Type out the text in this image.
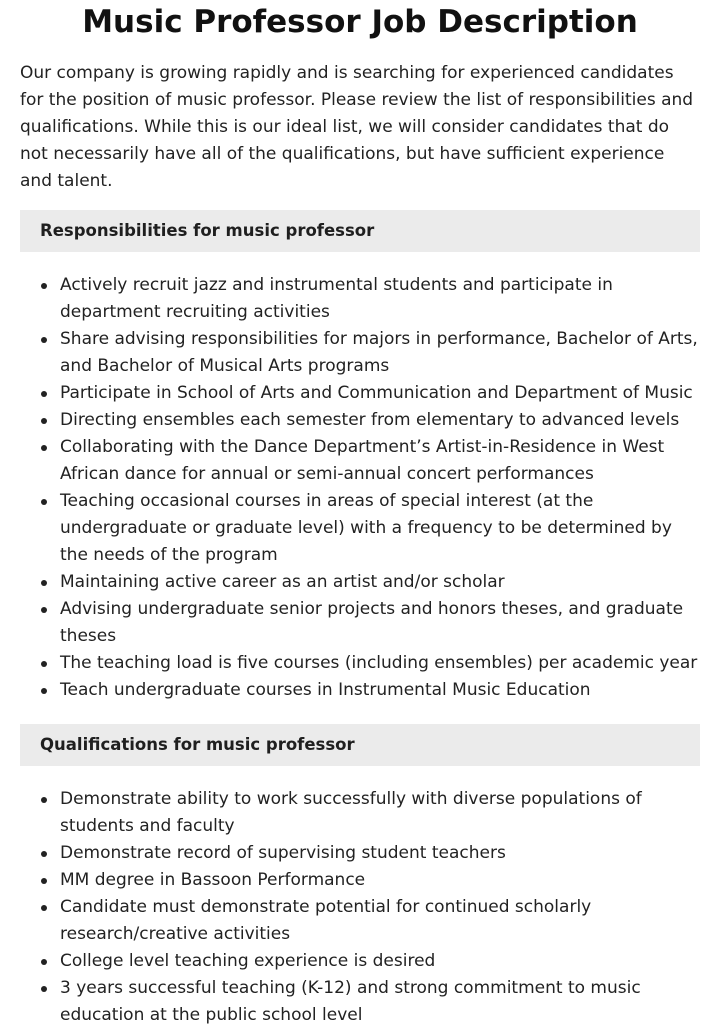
Music Professor Job Description

Our company is growing rapidly and is searching for experienced candidates for the position of music professor. Please review the list of responsibilities and qualifications. While this is our ideal list, we will consider candidates that do not necessarily have all of the qualifications, but have sufficient experience and talent.

Responsibilities for music professor
Actively recruit jazz and instrumental students and participate in department recruiting activities
Share advising responsibilities for majors in performance, Bachelor of Arts, and Bachelor of Musical Arts programs
Participate in School of Arts and Communication and Department of Music
Directing ensembles each semester from elementary to advanced levels
Collaborating with the Dance Department’s Artist-in-Residence in West African dance for annual or semi-annual concert performances
Teaching occasional courses in areas of special interest (at the undergraduate or graduate level) with a frequency to be determined by the needs of the program
Maintaining active career as an artist and/or scholar
Advising undergraduate senior projects and honors theses, and graduate theses
The teaching load is five courses (including ensembles) per academic year
Teach undergraduate courses in Instrumental Music Education
Qualifications for music professor
Demonstrate ability to work successfully with diverse populations of students and faculty
Demonstrate record of supervising student teachers
MM degree in Bassoon Performance
Candidate must demonstrate potential for continued scholarly research/creative activities
College level teaching experience is desired
3 years successful teaching (K-12) and strong commitment to music education at the public school level
